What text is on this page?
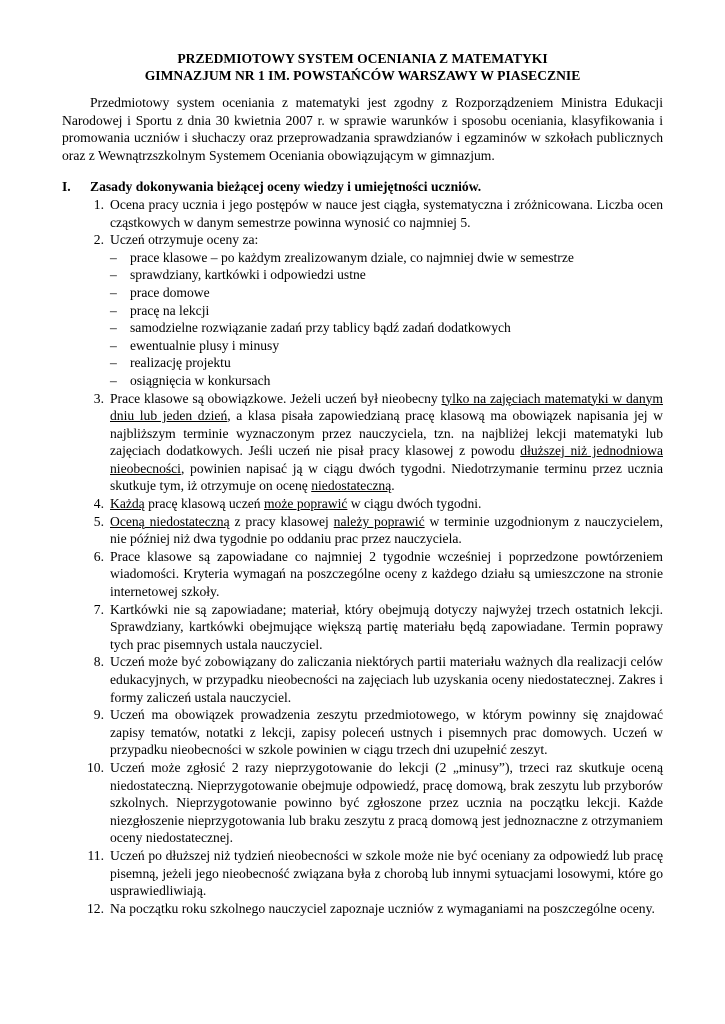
PRZEDMIOTOWY SYSTEM OCENIANIA Z MATEMATYKI

GIMNAZJUM NR 1 IM. POWSTAŃCÓW WARSZAWY W PIASECZNIE

Przedmiotowy system oceniania z matematyki jest zgodny z Rozporządzeniem Ministra Edukacji Narodowej i Sportu z dnia 30 kwietnia 2007 r. w sprawie warunków i sposobu oceniania, klasyfikowania i promowania uczniów i słuchaczy oraz przeprowadzania sprawdzianów i egzaminów w szkołach publicznych oraz z Wewnątrzszkolnym Systemem Oceniania obowiązującym w gimnazjum.

I.	Zasady dokonywania bieżącej oceny wiedzy i umiejętności uczniów.
1. Ocena pracy ucznia i jego postępów w nauce jest ciągła, systematyczna i zróżnicowana. Liczba ocen cząstkowych w danym semestrze powinna wynosić co najmniej 5.
2. Uczeń otrzymuje oceny za:
– prace klasowe – po każdym zrealizowanym dziale, co najmniej dwie w semestrze
– sprawdziany, kartkówki i odpowiedzi ustne
– prace domowe
– pracę na lekcji
– samodzielne rozwiązanie zadań przy tablicy bądź zadań dodatkowych
– ewentualnie plusy i minusy
– realizację projektu
– osiągnięcia w konkursach
3. Prace klasowe są obowiązkowe. Jeżeli uczeń był nieobecny tylko na zajęciach matematyki w danym dniu lub jeden dzień, a klasa pisała zapowiedzianą pracę klasową ma obowiązek napisania jej w najbliższym terminie wyznaczonym przez nauczyciela, tzn. na najbliżej lekcji matematyki lub zajęciach dodatkowych. Jeśli uczeń nie pisał pracy klasowej z powodu dłuższej niż jednodniowa nieobecności, powinien napisać ją w ciągu dwóch tygodni. Niedotrzymanie terminu przez ucznia skutkuje tym, iż otrzymuje on ocenę niedostateczną.
4. Każdą pracę klasową uczeń może poprawić w ciągu dwóch tygodni.
5. Oceną niedostateczną z pracy klasowej należy poprawić w terminie uzgodnionym z nauczycielem, nie później niż dwa tygodnie po oddaniu prac przez nauczyciela.
6. Prace klasowe są zapowiadane co najmniej 2 tygodnie wcześniej i poprzedzone powtórzeniem wiadomości. Kryteria wymagań na poszczególne oceny z każdego działu są umieszczone na stronie internetowej szkoły.
7. Kartkówki nie są zapowiadane; materiał, który obejmują dotyczy najwyżej trzech ostatnich lekcji. Sprawdziany, kartkówki obejmujące większą partię materiału będą zapowiadane. Termin poprawy tych prac pisemnych ustala nauczyciel.
8. Uczeń może być zobowiązany do zaliczania niektórych partii materiału ważnych dla realizacji celów edukacyjnych, w przypadku nieobecności na zajęciach lub uzyskania oceny niedostatecznej. Zakres i formy zaliczeń ustala nauczyciel.
9. Uczeń ma obowiązek prowadzenia zeszytu przedmiotowego, w którym powinny się znajdować zapisy tematów, notatki z lekcji, zapisy poleceń ustnych i pisemnych prac domowych. Uczeń w przypadku nieobecności w szkole powinien w ciągu trzech dni uzupełnić zeszyt.
10. Uczeń może zgłosić 2 razy nieprzygotowanie do lekcji (2 „minusy”), trzeci raz skutkuje oceną niedostateczną. Nieprzygotowanie obejmuje odpowiedź, pracę domową, brak zeszytu lub przyborów szkolnych. Nieprzygotowanie powinno być zgłoszone przez ucznia na początku lekcji. Każde niezgłoszenie nieprzygotowania lub braku zeszytu z pracą domową jest jednoznaczne z otrzymaniem oceny niedostatecznej.
11. Uczeń po dłuższej niż tydzień nieobecności w szkole może nie być oceniany za odpowiedź lub pracę pisemną, jeżeli jego nieobecność związana była z chorobą lub innymi sytuacjami losowymi, które go usprawiedliwiają.
12. Na początku roku szkolnego nauczyciel zapoznaje uczniów z wymaganiami na poszczególne oceny.
